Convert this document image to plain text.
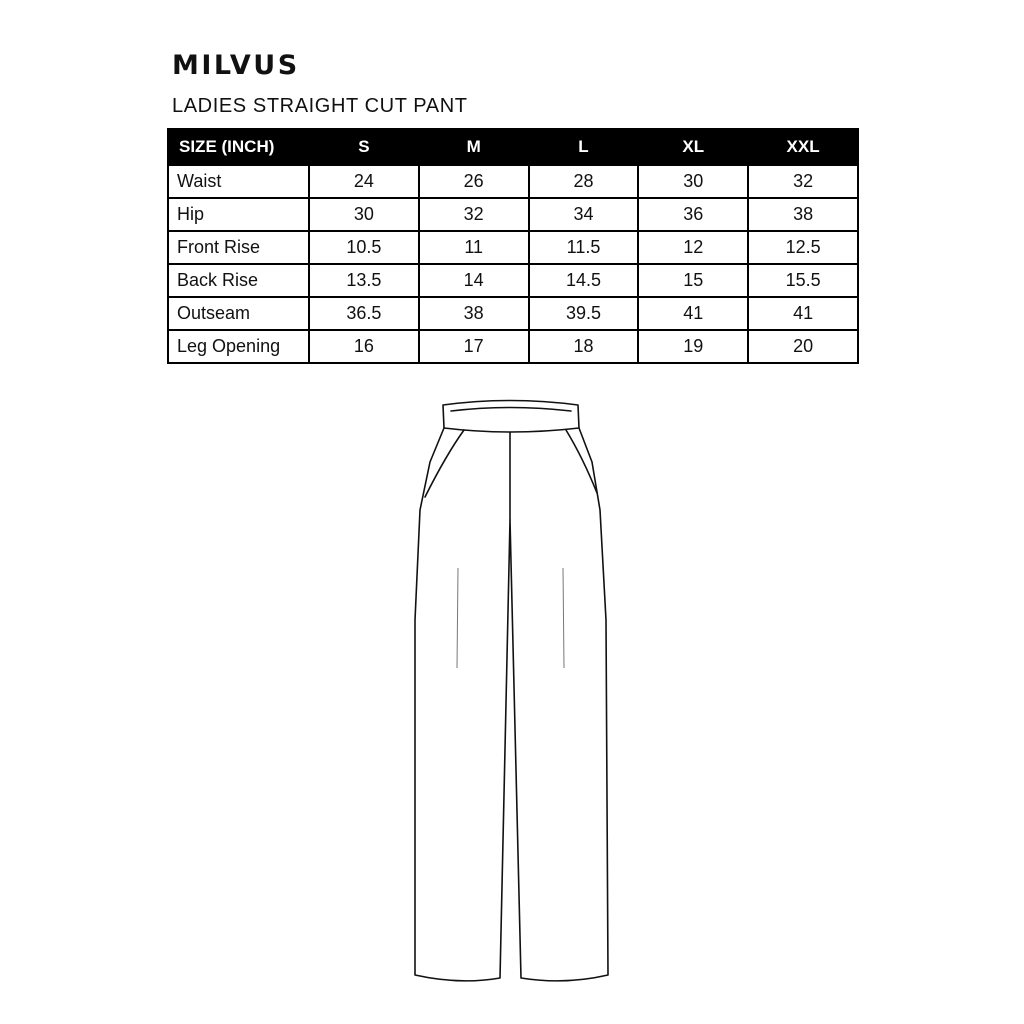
MILVUS
LADIES STRAIGHT CUT PANT
SIZE (INCH)	S	M	L	XL	XXL
Waist	24	26	28	30	32
Hip	30	32	34	36	38
Front Rise	10.5	11	11.5	12	12.5
Back Rise	13.5	14	14.5	15	15.5
Outseam	36.5	38	39.5	41	41
Leg Opening	16	17	18	19	20
